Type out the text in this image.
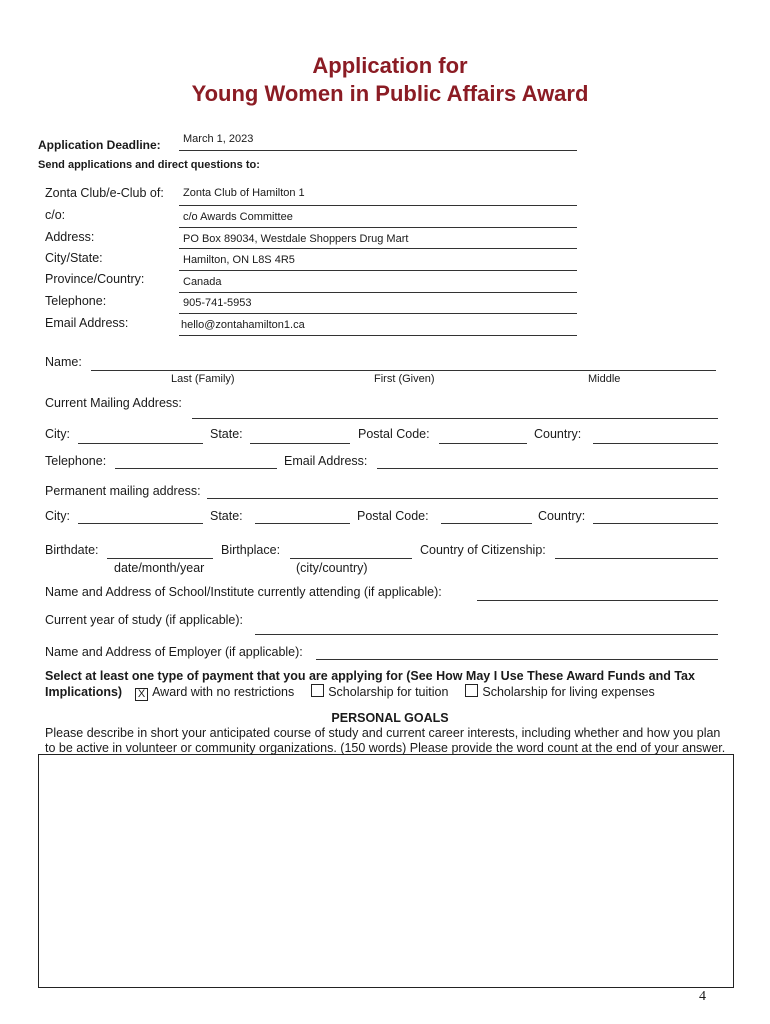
Application for
Young Women in Public Affairs Award
Application Deadline: March 1, 2023
Send applications and direct questions to:
Zonta Club/e-Club of: Zonta Club of Hamilton 1
c/o:	c/o Awards Committee
Address:	PO Box 89034, Westdale Shoppers Drug Mart
City/State:	Hamilton, ON L8S 4R5
Province/Country:	Canada
Telephone:	905-741-5953
Email Address:	hello@zontahamilton1.ca
Name:
Last (Family)	First (Given)	Middle
Current Mailing Address:
City:	State:	Postal Code:	Country:
Telephone:	Email Address:
Permanent mailing address:
City:	State:	Postal Code:	Country:
Birthdate:
date/month/year
Birthplace:
(city/country)
Country of Citizenship:
Name and Address of School/Institute currently attending (if applicable):
Current year of study (if applicable):
Name and Address of Employer (if applicable):
Select at least one type of payment that you are applying for (See How May I Use These Award Funds and Tax
Implications) X Award with no restrictions	Scholarship for tuition	Scholarship for living expenses
PERSONAL GOALS
Please describe in short your anticipated course of study and current career interests, including whether and how you plan
to be active in volunteer or community organizations. (150 words) Please provide the word count at the end of your answer.
4
